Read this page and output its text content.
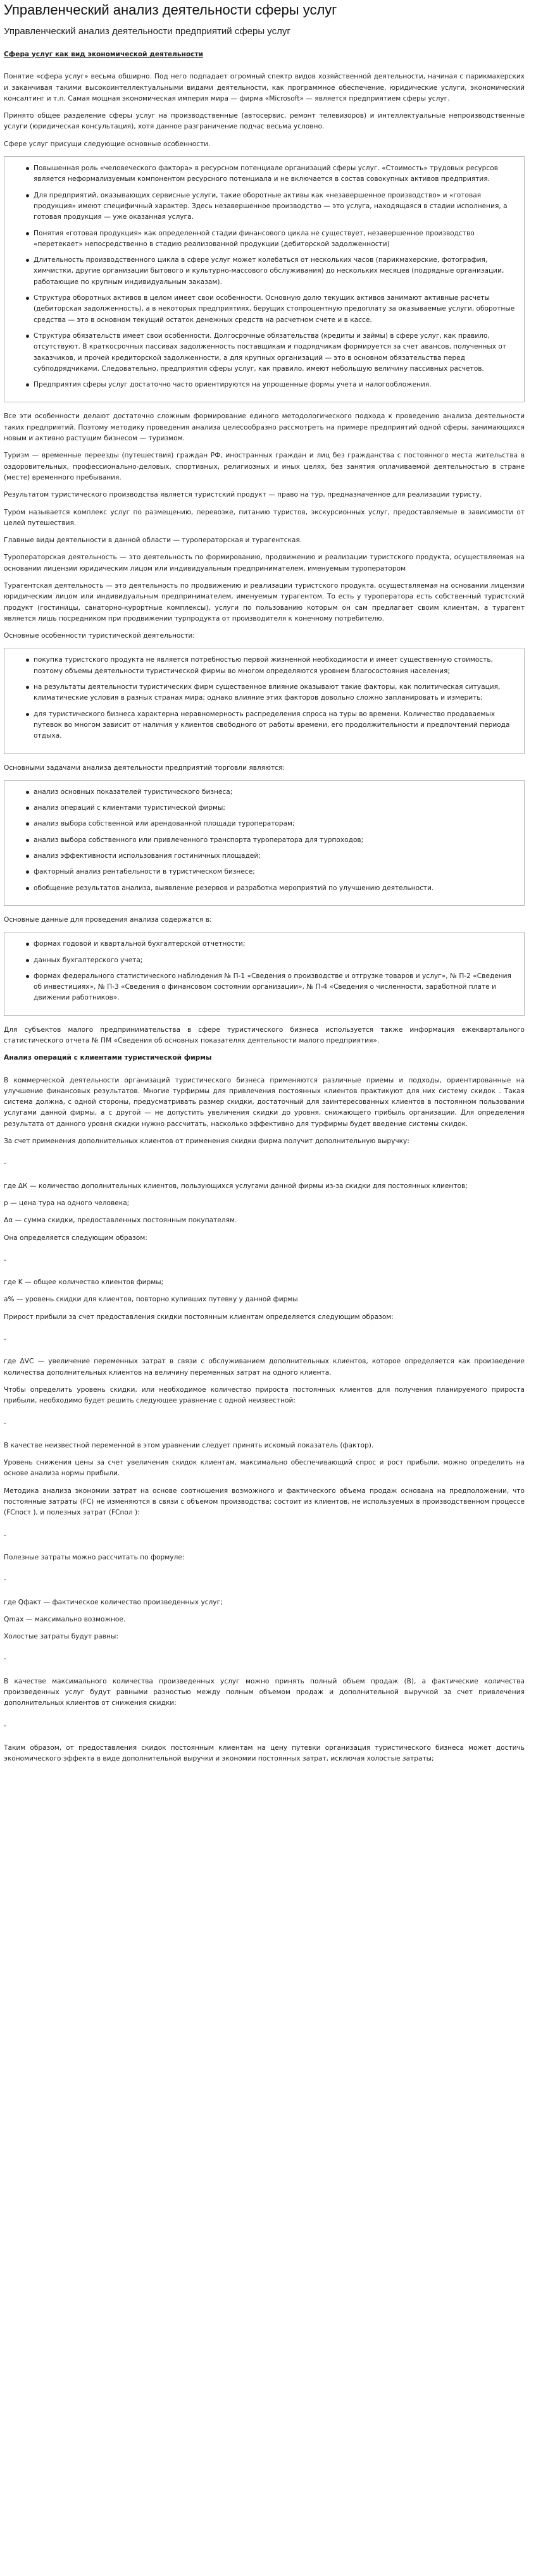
Управленческий анализ деятельности сферы услуг
Управленческий анализ деятельности предприятий сферы услуг

Сфера услуг как вид экономической деятельности

Понятие «сфера услуг» весьма обширно. Под него подпадает огромный спектр видов хозяйственной деятельности, начиная с парикмахерских и заканчивая такими высокоинтеллектуальными видами деятельности, как программное обеспечение, юридические услуги, экономический консалтинг и т.п. Самая мощная экономическая империя мира — фирма «Microsoft» — является предприятием сферы услуг.

Принято общее разделение сферы услуг на производственные (автосервис, ремонт телевизоров) и интеллектуальные непроизводственные услуги (юридическая консультация), хотя данное разграничение подчас весьма условно.

Сфере услуг присущи следующие основные особенности.

Повышенная роль «человеческого фактора» в ресурсном потенциале организаций сферы услуг. «Стоимость» трудовых ресурсов является неформализуемым компонентом ресурсного потенциала и не включается в состав совокупных активов предприятия.
Для предприятий, оказывающих сервисные услуги, такие оборотные активы как «незавершенное производство» и «готовая продукция» имеют специфичный характер. Здесь незавершенное производство — это услуга, находящаяся в стадии исполнения, а готовая продукция — уже оказанная услуга.
Понятия «готовая продукция» как определенной стадии финансового цикла не существует, незавершенное производство «перетекает» непосредственно в стадию реализованной продукции (дебиторской задолженности)
Длительность производственного цикла в сфере услуг может колебаться от нескольких часов (парикмахерские, фотография, химчистки, другие организации бытового и культурно-массового обслуживания) до нескольких месяцев (подрядные организации, работающие по крупным индивидуальным заказам).
Структура оборотных активов в целом имеет свои особенности. Основную долю текущих активов занимают активные расчеты (дебиторская задолженность), а в некоторых предприятиях, берущих стопроцентную предоплату за оказываемые услуги, оборотные средства — это в основном текущий остаток денежных средств на расчетном счете и в кассе.
Структура обязательств имеет свои особенности. Долгосрочные обязательства (кредиты и займы) в сфере услуг, как правило, отсутствуют. В краткосрочных пассивах задолженность поставщикам и подрядчикам формируется за счет авансов, полученных от заказчиков, и прочей кредиторской задолженности, а для крупных организаций — это в основном обязательства перед субподрядчиками. Следовательно, предприятия сферы услуг, как правило, имеют небольшую величину пассивных расчетов.
Предприятия сферы услуг достаточно часто ориентируются на упрощенные формы учета и налогообложения.

Все эти особенности делают достаточно сложным формирование единого методологического подхода к проведению анализа деятельности таких предприятий. Поэтому методику проведения анализа целесообразно рассмотреть на примере предприятий одной сферы, занимающихся новым и активно растущим бизнесом — туризмом.

Туризм — временные переезды (путешествия) граждан РФ, иностранных граждан и лиц без гражданства с постоянного места жительства в оздоровительных, профессионально-деловых, спортивных, религиозных и иных целях, без занятия оплачиваемой деятельностью в стране (месте) временного пребывания.

Результатом туристического производства является туристский продукт — право на тур, предназначенное для реализации туристу.

Туром называется комплекс услуг по размещению, перевозке, питанию туристов, экскурсионных услуг, предоставляемые в зависимости от целей путешествия.

Главные виды деятельности в данной области — туроператорская и турагентская.

Туроператорская деятельность — это деятельность по формированию, продвижению и реализации туристского продукта, осуществляемая на основании лицензии юридическим лицом или индивидуальным предпринимателем, именуемым туроператором

Турагентская деятельность — это деятельность по продвижению и реализации туристского продукта, осуществляемая на основании лицензии юридическим лицом или индивидуальным предпринимателем, именуемым турагентом. То есть у туроператора есть собственный туристский продукт (гостиницы, санаторно-курортные комплексы), услуги по пользованию которым он сам предлагает своим клиентам, а турагент является лишь посредником при продвижении турпродукта от производителя к конечному потребителю.

Основные особенности туристической деятельности:

покупка туристского продукта не является потребностью первой жизненной необходимости и имеет существенную стоимость, поэтому объемы деятельности туристической фирмы во многом определяются уровнем благосостояния населения;
на результаты деятельности туристических фирм существенное влияние оказывают такие факторы, как политическая ситуация, климатические условия в разных странах мира; однако влияние этих факторов довольно сложно запланировать и измерить;
для туристического бизнеса характерна неравномерность распределения спроса на туры во времени. Количество продаваемых путевок во многом зависит от наличия у клиентов свободного от работы времени, его продолжительности и предпочтений периода отдыха.

Основными задачами анализа деятельности предприятий торговли являются:

анализ основных показателей туристического бизнеса;
анализ операций с клиентами туристической фирмы;
анализ выбора собственной или арендованной площади туроператорам;
анализ выбора собственного или привлеченного транспорта туроператора для турпоходов;
анализ эффективности использования гостиничных площадей;
факторный анализ рентабельности в туристическом бизнесе;
обобщение результатов анализа, выявление резервов и разработка мероприятий по улучшению деятельности.

Основные данные для проведения анализа содержатся в:

формах годовой и квартальной бухгалтерской отчетности;
данных бухгалтерского учета;
формах федерального статистического наблюдения № П-1 «Сведения о производстве и отгрузке товаров и услуг», № П-2 «Сведения об инвестициях», № П-3 «Сведения о финансовом состоянии организации», № П-4 «Сведения о численности, заработной плате и движении работников».

Для субъектов малого предпринимательства в сфере туристического бизнеса используется также информация ежеквартального статистического отчета № ПМ «Сведения об основных показателях деятельности малого предприятия».

Анализ операций с клиентами туристической фирмы

В коммерческой деятельности организаций туристического бизнеса применяются различные приемы и подходы, ориентированные на улучшение финансовых результатов. Многие турфирмы для привлечения постоянных клиентов практикуют для них систему скидок . Такая система должна, с одной стороны, предусматривать размер скидки, достаточный для заинтересованных клиентов в постоянном пользовании услугами данной фирмы, а с другой — не допустить увеличения скидки до уровня, снижающего прибыль организации. Для определения результата от данного уровня скидки нужно рассчитать, насколько эффективно для турфирмы будет введение системы скидок.

За счет применения дополнительных клиентов от применения скидки фирма получит дополнительную выручку:

-

где ΔК — количество дополнительных клиентов, пользующихся услугами данной фирмы из-за скидки для постоянных клиентов;

p — цена тура на одного человека;

Δα — сумма скидки, предоставленных постоянным покупателям.

Она определяется следующим образом:

-

где K — общее количество клиентов фирмы;

a% — уровень скидки для клиентов, повторно купивших путевку у данной фирмы

Прирост прибыли за счет предоставления скидки постоянным клиентам определяется следующим образом:

-

где ΔVC — увеличение переменных затрат в связи с обслуживанием дополнительных клиентов, которое определяется как произведение количества дополнительных клиентов на величину переменных затрат на одного клиента.

Чтобы определить уровень скидки, или необходимое количество прироста постоянных клиентов для получения планируемого прироста прибыли, необходимо будет решить следующее уравнение с одной неизвестной:

-

В качестве неизвестной переменной в этом уравнении следует принять искомый показатель (фактор).

Уровень снижения цены за счет увеличения скидок клиентам, максимально обеспечивающий спрос и рост прибыли, можно определить на основе анализа нормы прибыли.

Методика анализа экономии затрат на основе соотношения возможного и фактического объема продаж основана на предположении, что постоянные затраты (FC) не изменяются в связи с объемом производства; состоит из клиентов, не используемых в производственном процессе (FCпост ), и полезных затрат (FCпол ):

-

Полезные затраты можно рассчитать по формуле:

-

где Qфакт — фактическое количество произведенных услуг;

Qmax — максимально возможное.

Холостые затраты будут равны:

-

В качестве максимального количества произведенных услуг можно принять полный объем продаж (В), а фактические количества произведенных услуг будут равными разностью между полным объемом продаж и дополнительной выручкой за счет привлечения дополнительных клиентов от снижения скидки:

-

Таким образом, от предоставления скидок постоянным клиентам на цену путевки организация туристического бизнеса может достичь экономического эффекта в виде дополнительной выручки и экономии постоянных затрат, исключая холостые затраты;
